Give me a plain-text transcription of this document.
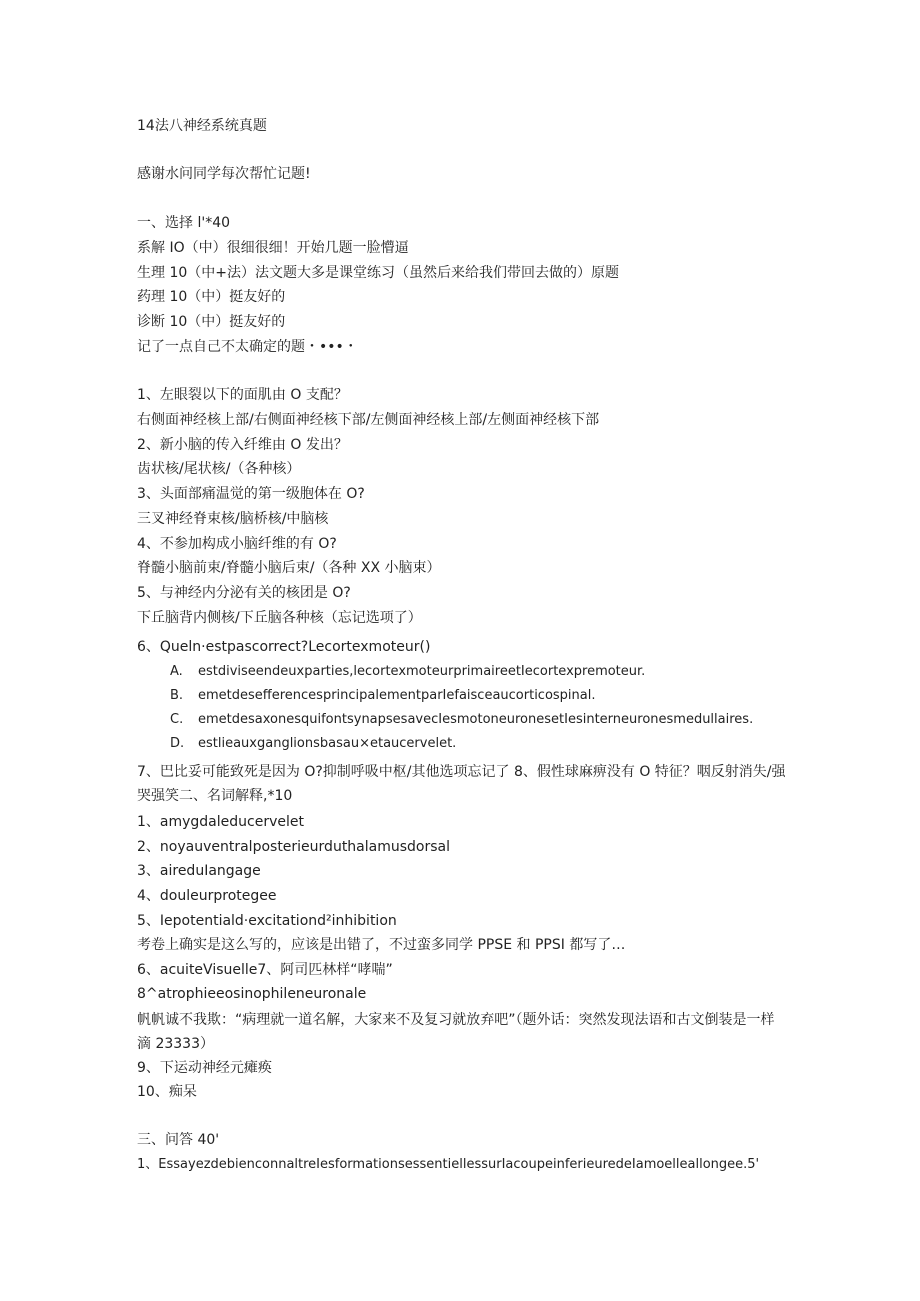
14法八神经系统真题
感谢水问同学每次帮忙记题!
一、选择 l'*40
系解 IO（中）很细很细！开始几题一脸懵逼
生理 10（中+法）法文题大多是课堂练习（虽然后来给我们带回去做的）原题
药理 10（中）挺友好的
诊断 10（中）挺友好的
记了一点自己不太确定的题・•••・
1、左眼裂以下的面肌由 O 支配？
右侧面神经核上部/右侧面神经核下部/左侧面神经核上部/左侧面神经核下部
2、新小脑的传入纤维由 O 发出？
齿状核/尾状核/（各种核）
3、头面部痛温觉的第一级胞体在 O?
三叉神经脊束核/脑桥核/中脑核
4、不参加构成小脑纤维的有 O?
脊髓小脑前束/脊髓小脑后束/（各种 XX 小脑束）
5、与神经内分泌有关的核团是 O?
下丘脑背内侧核/下丘脑各种核（忘记选项了）
6、Queln·estpascorrect?Lecortexmoteur()
A. estdiviseendeuxparties,lecortexmoteurprimaireetIecortexpremoteur.
B. emetdesefferencesprincipalementparIefaisceaucorticospinal.
C. emetdesaxonesquifontsynapsesavecIesmotoneuronesetIesinterneuronesmedullaires.
D. estlieauxganglionsbasau×etaucervelet.
7、巴比妥可能致死是因为 O?抑制呼吸中枢/其他选项忘记了 8、假性球麻痹没有 O 特征？咽反射消失/强哭强笑二、名词解释,*10
1、amygdaleducervelet
2、noyauventralposterieurduthalamusdorsal
3、aireduIangage
4、douleurprotegee
5、Iepotentiald·excitationd²inhibition
考卷上确实是这么写的，应该是出错了，不过蛮多同学 PPSE 和 PPSI 都写了…
6、acuiteVisuelle7、阿司匹林样“哮喘”
8^atrophieeosinophileneuronale
帆帆诚不我欺：“病理就一道名解，大家来不及复习就放弃吧”（题外话：突然发现法语和古文倒装是一样滴 23333）
9、下运动神经元瘫痪
10、痴呆
三、问答 40'
1、EssayezdebienconnaltreIesformationsessentiellessurIacoupeinferieuredeIamoelleallongee.5'
